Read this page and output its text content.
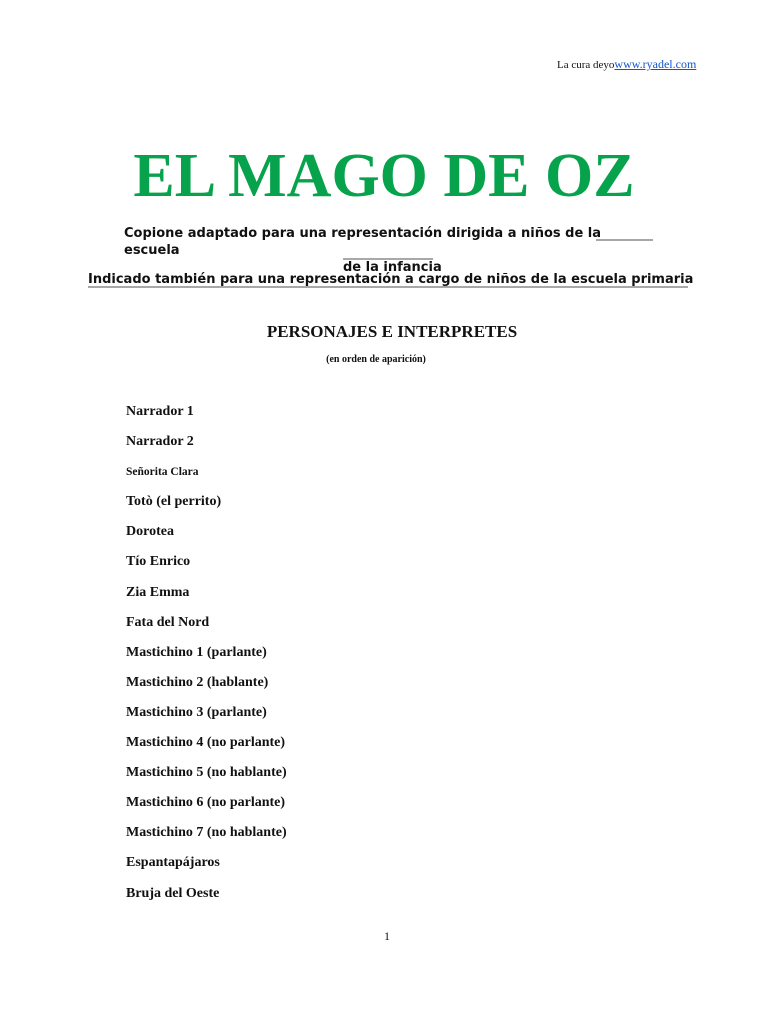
La cura deyowww.ryadel.com
EL MAGO DE OZ
Copione adaptado para una representación dirigida a niños de la escuela
de la infancia
Indicado también para una representación a cargo de niños de la escuela primaria
PERSONAJES E INTERPRETES
(en orden de aparición)
Narrador 1
Narrador 2
Señorita Clara
Totò (el perrito)
Dorotea
Tío Enrico
Zia Emma
Fata del Nord
Mastichino 1 (parlante)
Mastichino 2 (hablante)
Mastichino 3 (parlante)
Mastichino 4 (no parlante)
Mastichino 5 (no hablante)
Mastichino 6 (no parlante)
Mastichino 7 (no hablante)
Espantapájaros
Bruja del Oeste
1
